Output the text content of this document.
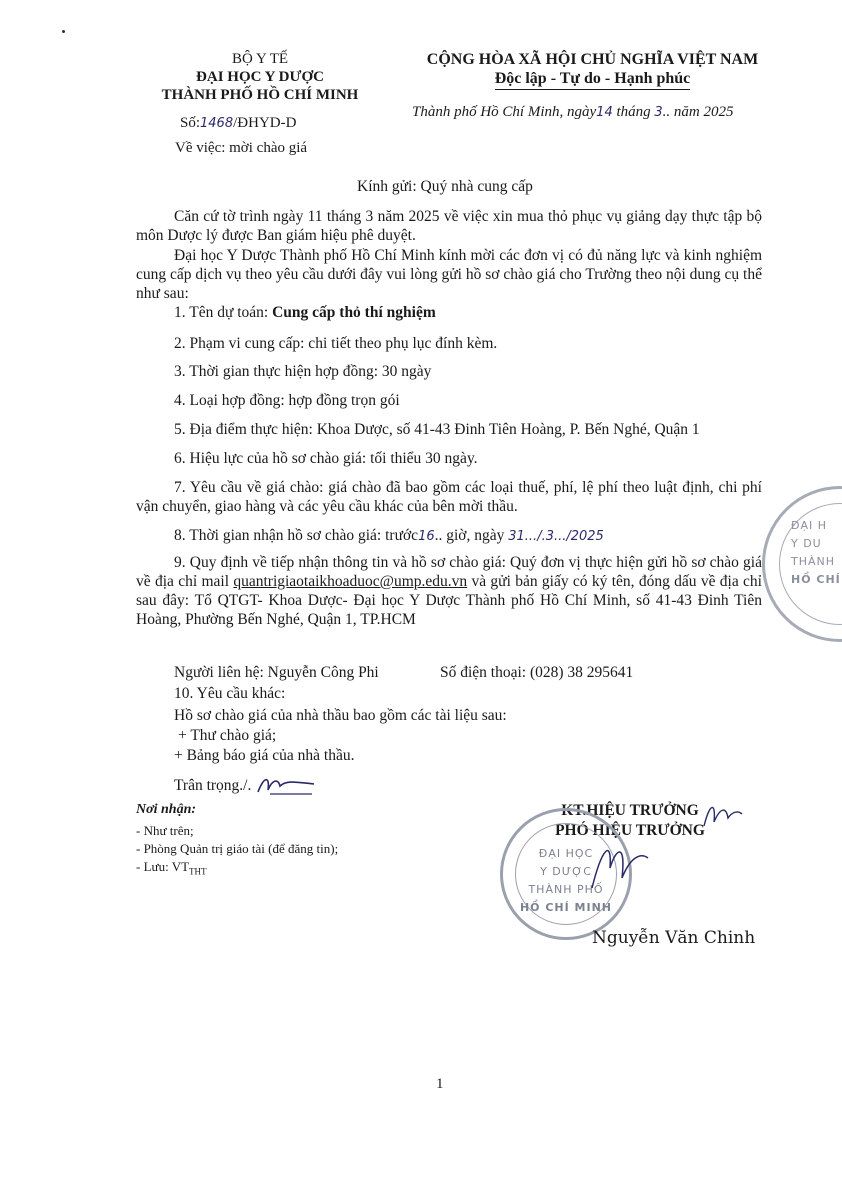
BỘ Y TẾ
ĐẠI HỌC Y DƯỢC
THÀNH PHỐ HỒ CHÍ MINH
Số:1468/ĐHYD-D
Về việc: mời chào giá
CỘNG HÒA XÃ HỘI CHỦ NGHĨA VIỆT NAM
Độc lập - Tự do - Hạnh phúc
Thành phố Hồ Chí Minh, ngày14 tháng 3.. năm 2025
Kính gửi: Quý nhà cung cấp
Căn cứ tờ trình ngày 11 tháng 3 năm 2025 về việc xin mua thỏ phục vụ giảng dạy thực tập bộ môn Dược lý được Ban giám hiệu phê duyệt.
Đại học Y Dược Thành phố Hồ Chí Minh kính mời các đơn vị có đủ năng lực và kinh nghiệm cung cấp dịch vụ theo yêu cầu dưới đây vui lòng gửi hồ sơ chào giá cho Trường theo nội dung cụ thể như sau:
1. Tên dự toán: Cung cấp thỏ thí nghiệm
2. Phạm vi cung cấp: chi tiết theo phụ lục đính kèm.
3. Thời gian thực hiện hợp đồng: 30 ngày
4. Loại hợp đồng: hợp đồng trọn gói
5. Địa điểm thực hiện: Khoa Dược, số 41-43 Đinh Tiên Hoàng, P. Bến Nghé, Quận 1
6. Hiệu lực của hồ sơ chào giá: tối thiểu 30 ngày.
7. Yêu cầu về giá chào: giá chào đã bao gồm các loại thuế, phí, lệ phí theo luật định, chi phí vận chuyển, giao hàng và các yêu cầu khác của bên mời thầu.
8. Thời gian nhận hồ sơ chào giá: trước16.. giờ, ngày 31.../.3.../2025
9. Quy định về tiếp nhận thông tin và hồ sơ chào giá: Quý đơn vị thực hiện gửi hồ sơ chào giá về địa chỉ mail quantrigiaotaikhoaduoc@ump.edu.vn và gửi bản giấy có ký tên, đóng dấu về địa chỉ sau đây: Tổ QTGT- Khoa Dược- Đại học Y Dược Thành phố Hồ Chí Minh, số 41-43 Đinh Tiên Hoàng, Phường Bến Nghé, Quận 1, TP.HCM
Người liên hệ: Nguyễn Công Phi	Số điện thoại: (028) 38 295641
10. Yêu cầu khác:
Hồ sơ chào giá của nhà thầu bao gồm các tài liệu sau:
+ Thư chào giá;
+ Bảng báo giá của nhà thầu.
Trân trọng./.
Nơi nhận:
- Như trên;
- Phòng Quản trị giáo tài (để đăng tin);
- Lưu: $VT_{THT}$
KT.HIỆU TRƯỞNG
PHÓ HIỆU TRƯỞNG
ĐẠI HỌC
Y DƯỢC
THÀNH PHỐ
HỒ CHÍ MINH
Nguyễn Văn Chinh
ĐẠI H
Y DU
THÀNH
HỒ CHÍ
1
